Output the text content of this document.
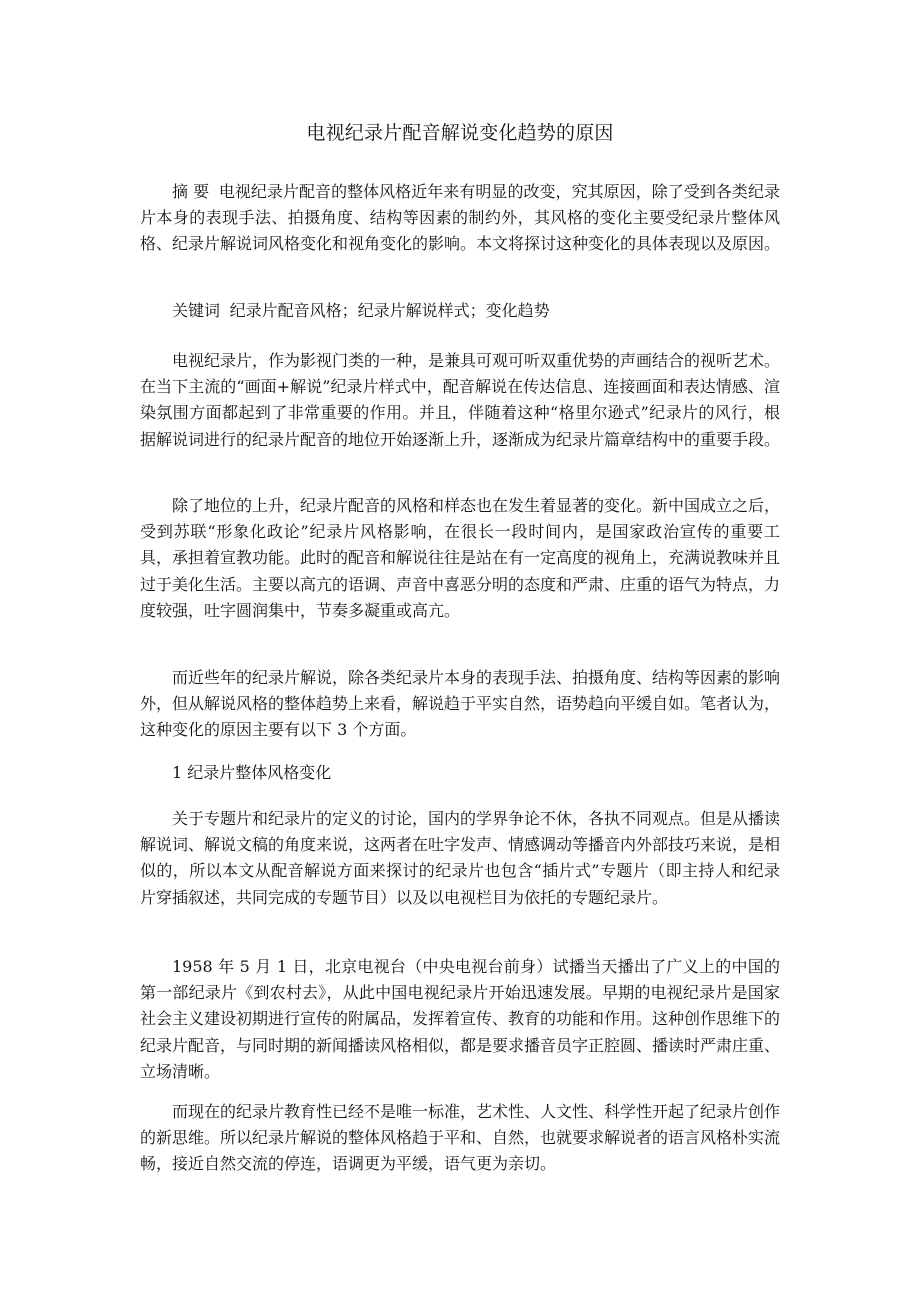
电视纪录片配音解说变化趋势的原因

摘 要 电视纪录片配音的整体风格近年来有明显的改变，究其原因，除了受到各类纪录片本身的表现手法、拍摄角度、结构等因素的制约外，其风格的变化主要受纪录片整体风格、纪录片解说词风格变化和视角变化的影响。本文将探讨这种变化的具体表现以及原因。

关键词 纪录片配音风格；纪录片解说样式；变化趋势

电视纪录片，作为影视门类的一种，是兼具可观可听双重优势的声画结合的视听艺术。在当下主流的“画面+解说”纪录片样式中，配音解说在传达信息、连接画面和表达情感、渲染氛围方面都起到了非常重要的作用。并且，伴随着这种“格里尔逊式”纪录片的风行，根据解说词进行的纪录片配音的地位开始逐渐上升，逐渐成为纪录片篇章结构中的重要手段。

除了地位的上升，纪录片配音的风格和样态也在发生着显著的变化。新中国成立之后，受到苏联“形象化政论”纪录片风格影响，在很长一段时间内，是国家政治宣传的重要工具，承担着宣教功能。此时的配音和解说往往是站在有一定高度的视角上，充满说教味并且过于美化生活。主要以高亢的语调、声音中喜恶分明的态度和严肃、庄重的语气为特点，力度较强，吐字圆润集中，节奏多凝重或高亢。

而近些年的纪录片解说，除各类纪录片本身的表现手法、拍摄角度、结构等因素的影响外，但从解说风格的整体趋势上来看，解说趋于平实自然，语势趋向平缓自如。笔者认为，这种变化的原因主要有以下 3 个方面。

1 纪录片整体风格变化

关于专题片和纪录片的定义的讨论，国内的学界争论不休，各执不同观点。但是从播读解说词、解说文稿的角度来说，这两者在吐字发声、情感调动等播音内外部技巧来说，是相似的，所以本文从配音解说方面来探讨的纪录片也包含“插片式”专题片（即主持人和纪录片穿插叙述，共同完成的专题节目）以及以电视栏目为依托的专题纪录片。

1958 年 5 月 1 日，北京电视台（中央电视台前身）试播当天播出了广义上的中国的第一部纪录片《到农村去》，从此中国电视纪录片开始迅速发展。早期的电视纪录片是国家社会主义建设初期进行宣传的附属品，发挥着宣传、教育的功能和作用。这种创作思维下的纪录片配音，与同时期的新闻播读风格相似，都是要求播音员字正腔圆、播读时严肃庄重、立场清晰。

而现在的纪录片教育性已经不是唯一标准，艺术性、人文性、科学性开起了纪录片创作的新思维。所以纪录片解说的整体风格趋于平和、自然，也就要求解说者的语言风格朴实流畅，接近自然交流的停连，语调更为平缓，语气更为亲切。
